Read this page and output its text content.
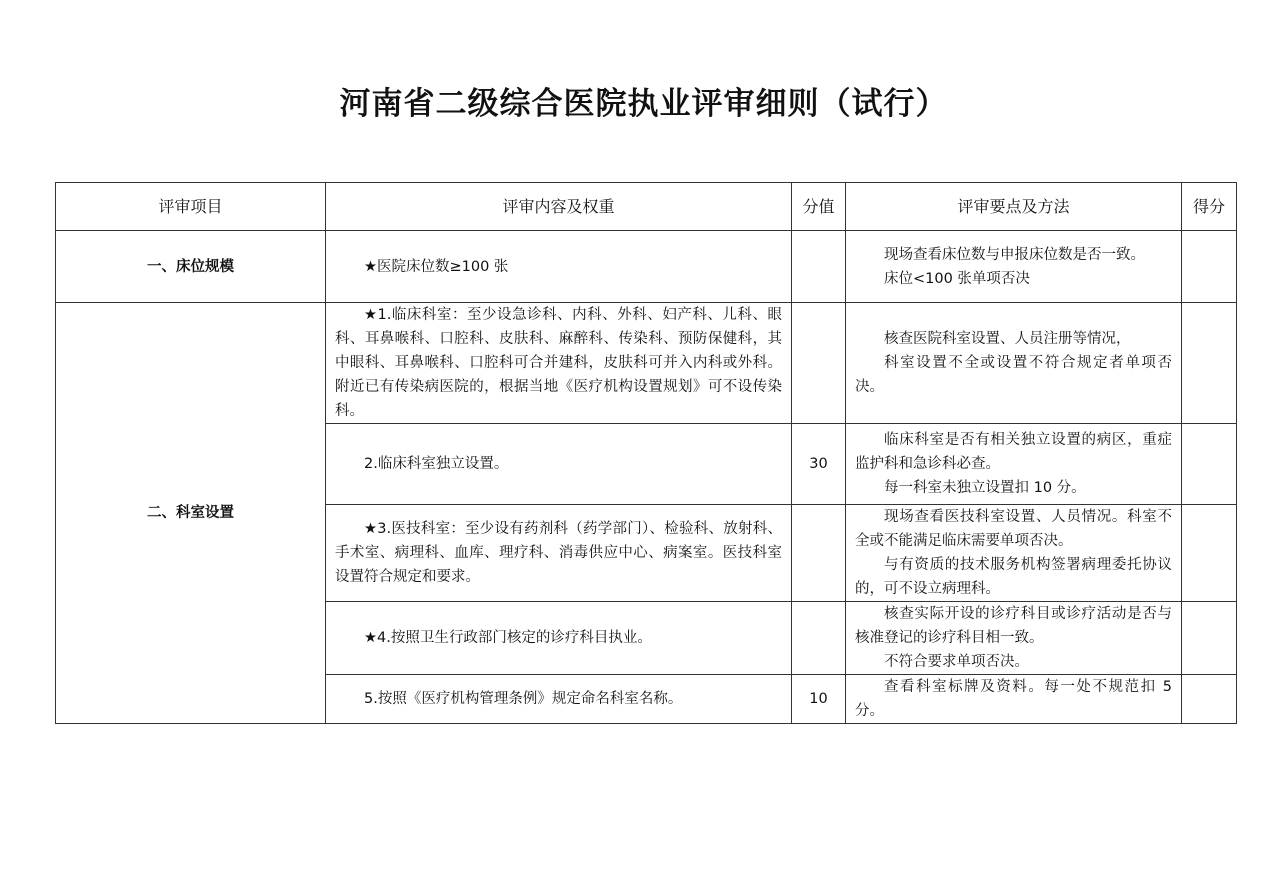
河南省二级综合医院执业评审细则（试行）
评审项目	评审内容及权重	分值	评审要点及方法	得分
一、床位规模	★医院床位数≥100 张		现场查看床位数与申报床位数是否一致。
床位<100 张单项否决	

二、科室设置	★1.临床科室：至少设急诊科、内科、外科、妇产科、儿科、眼科、耳鼻喉科、口腔科、皮肤科、麻醉科、传染科、预防保健科，其中眼科、耳鼻喉科、口腔科可合并建科，皮肤科可并入内科或外科。附近已有传染病医院的，根据当地《医疗机构设置规划》可不设传染科。		核查医院科室设置、人员注册等情况，
科室设置不全或设置不符合规定者单项否决。	

	2.临床科室独立设置。	30	临床科室是否有相关独立设置的病区，重症监护科和急诊科必查。
每一科室未独立设置扣 10 分。	

	★3.医技科室：至少设有药剂科（药学部门）、检验科、放射科、手术室、病理科、血库、理疗科、消毒供应中心、病案室。医技科室设置符合规定和要求。		现场查看医技科室设置、人员情况。科室不全或不能满足临床需要单项否决。
与有资质的技术服务机构签署病理委托协议的，可不设立病理科。	

	★4.按照卫生行政部门核定的诊疗科目执业。		核查实际开设的诊疗科目或诊疗活动是否与核准登记的诊疗科目相一致。
不符合要求单项否决。	

	5.按照《医疗机构管理条例》规定命名科室名称。	10	查看科室标牌及资料。每一处不规范扣 5 分。	
